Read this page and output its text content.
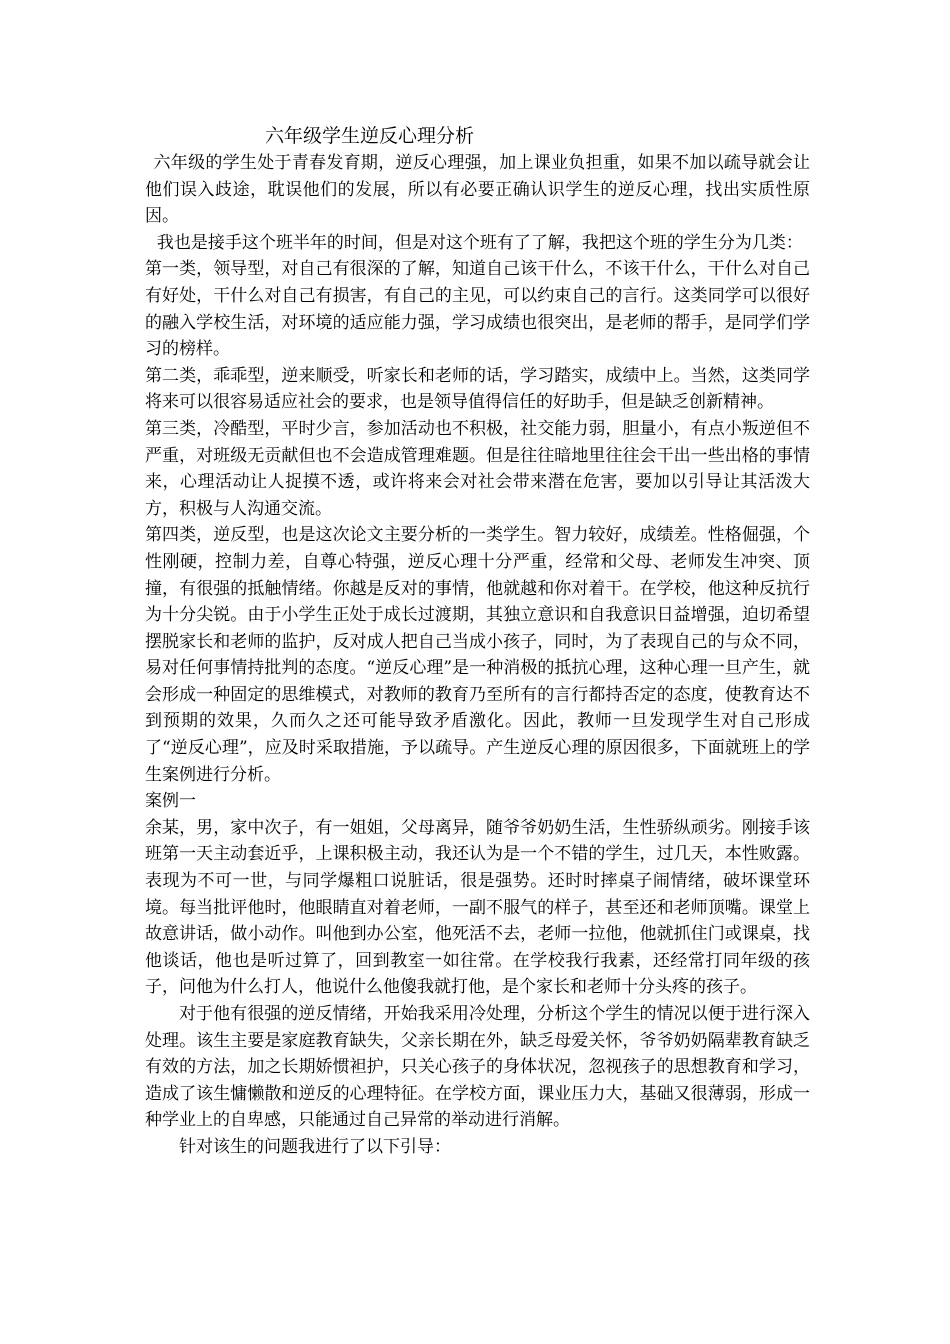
六年级学生逆反心理分析

六年级的学生处于青春发育期，逆反心理强，加上课业负担重，如果不加以疏导就会让他们误入歧途，耽误他们的发展，所以有必要正确认识学生的逆反心理，找出实质性原因。

我也是接手这个班半年的时间，但是对这个班有了了解，我把这个班的学生分为几类：

第一类，领导型，对自己有很深的了解，知道自己该干什么，不该干什么，干什么对自己有好处，干什么对自己有损害，有自己的主见，可以约束自己的言行。这类同学可以很好的融入学校生活，对环境的适应能力强，学习成绩也很突出，是老师的帮手，是同学们学习的榜样。

第二类，乖乖型，逆来顺受，听家长和老师的话，学习踏实，成绩中上。当然，这类同学将来可以很容易适应社会的要求，也是领导值得信任的好助手，但是缺乏创新精神。

第三类，冷酷型，平时少言，参加活动也不积极，社交能力弱，胆量小，有点小叛逆但不严重，对班级无贡献但也不会造成管理难题。但是往往暗地里往往会干出一些出格的事情来，心理活动让人捉摸不透，或许将来会对社会带来潜在危害，要加以引导让其活泼大方，积极与人沟通交流。

第四类，逆反型，也是这次论文主要分析的一类学生。智力较好，成绩差。性格倔强，个性刚硬，控制力差，自尊心特强，逆反心理十分严重，经常和父母、老师发生冲突、顶撞，有很强的抵触情绪。你越是反对的事情，他就越和你对着干。在学校，他这种反抗行为十分尖锐。由于小学生正处于成长过渡期，其独立意识和自我意识日益增强，迫切希望摆脱家长和老师的监护，反对成人把自己当成小孩子，同时，为了表现自己的与众不同，易对任何事情持批判的态度。“逆反心理”是一种消极的抵抗心理，这种心理一旦产生，就会形成一种固定的思维模式，对教师的教育乃至所有的言行都持否定的态度，使教育达不到预期的效果，久而久之还可能导致矛盾激化。因此，教师一旦发现学生对自己形成了“逆反心理”，应及时采取措施，予以疏导。产生逆反心理的原因很多，下面就班上的学生案例进行分析。

案例一

余某，男，家中次子，有一姐姐，父母离异，随爷爷奶奶生活，生性骄纵顽劣。刚接手该班第一天主动套近乎，上课积极主动，我还认为是一个不错的学生，过几天，本性败露。表现为不可一世，与同学爆粗口说脏话，很是强势。还时时摔桌子闹情绪，破坏课堂环境。每当批评他时，他眼睛直对着老师，一副不服气的样子，甚至还和老师顶嘴。课堂上故意讲话，做小动作。叫他到办公室，他死活不去，老师一拉他，他就抓住门或课桌，找他谈话，他也是听过算了，回到教室一如往常。在学校我行我素，还经常打同年级的孩子，问他为什么打人，他说什么他傻我就打他，是个家长和老师十分头疼的孩子。

对于他有很强的逆反情绪，开始我采用冷处理，分析这个学生的情况以便于进行深入处理。该生主要是家庭教育缺失，父亲长期在外，缺乏母爱关怀，爷爷奶奶隔辈教育缺乏有效的方法，加之长期娇惯袒护，只关心孩子的身体状况，忽视孩子的思想教育和学习，造成了该生慵懒散和逆反的心理特征。在学校方面，课业压力大，基础又很薄弱，形成一种学业上的自卑感，只能通过自己异常的举动进行消解。

针对该生的问题我进行了以下引导：
